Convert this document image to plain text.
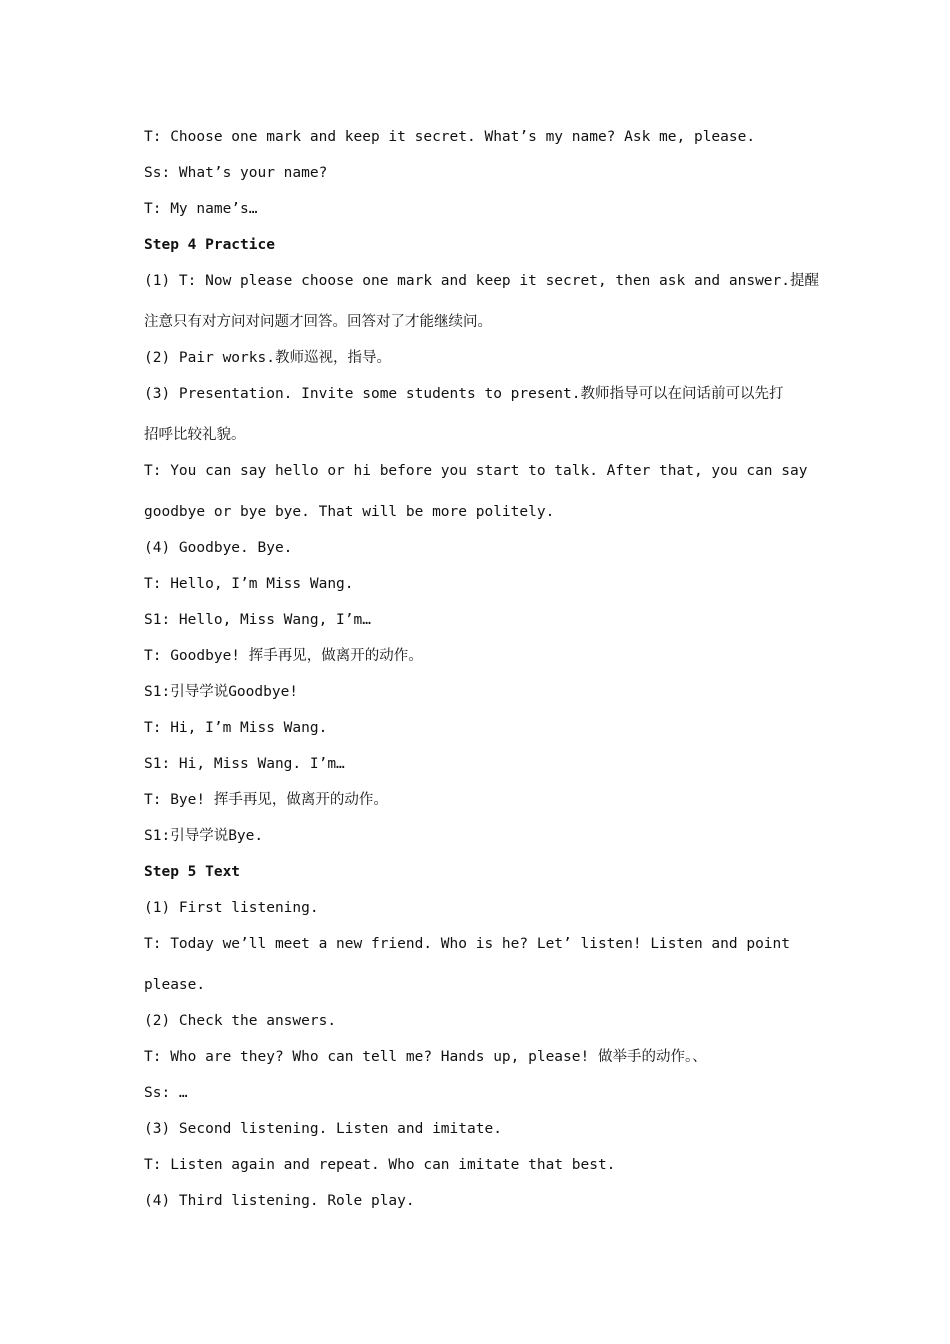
T: Choose one mark and keep it secret. What’s my name? Ask me, please.
Ss: What’s your name?
T: My name’s…
Step 4 Practice
(1) T: Now please choose one mark and keep it secret, then ask and answer.提醒
注意只有对方问对问题才回答。回答对了才能继续问。
(2) Pair works.教师巡视，指导。
(3) Presentation. Invite some students to present.教师指导可以在问话前可以先打
招呼比较礼貌。
T: You can say hello or hi before you start to talk. After that, you can say
goodbye or bye bye. That will be more politely.
(4) Goodbye. Bye.
T: Hello, I’m Miss Wang.
S1: Hello, Miss Wang, I’m…
T: Goodbye! 挥手再见，做离开的动作。
S1:引导学说Goodbye!
T: Hi, I’m Miss Wang.
S1: Hi, Miss Wang. I’m…
T: Bye! 挥手再见，做离开的动作。
S1:引导学说Bye.
Step 5 Text
(1) First listening.
T: Today we’ll meet a new friend. Who is he? Let’ listen! Listen and point
please.
(2) Check the answers.
T: Who are they? Who can tell me? Hands up, please! 做举手的动作。、
Ss: …
(3) Second listening. Listen and imitate.
T: Listen again and repeat. Who can imitate that best.
(4) Third listening. Role play.
